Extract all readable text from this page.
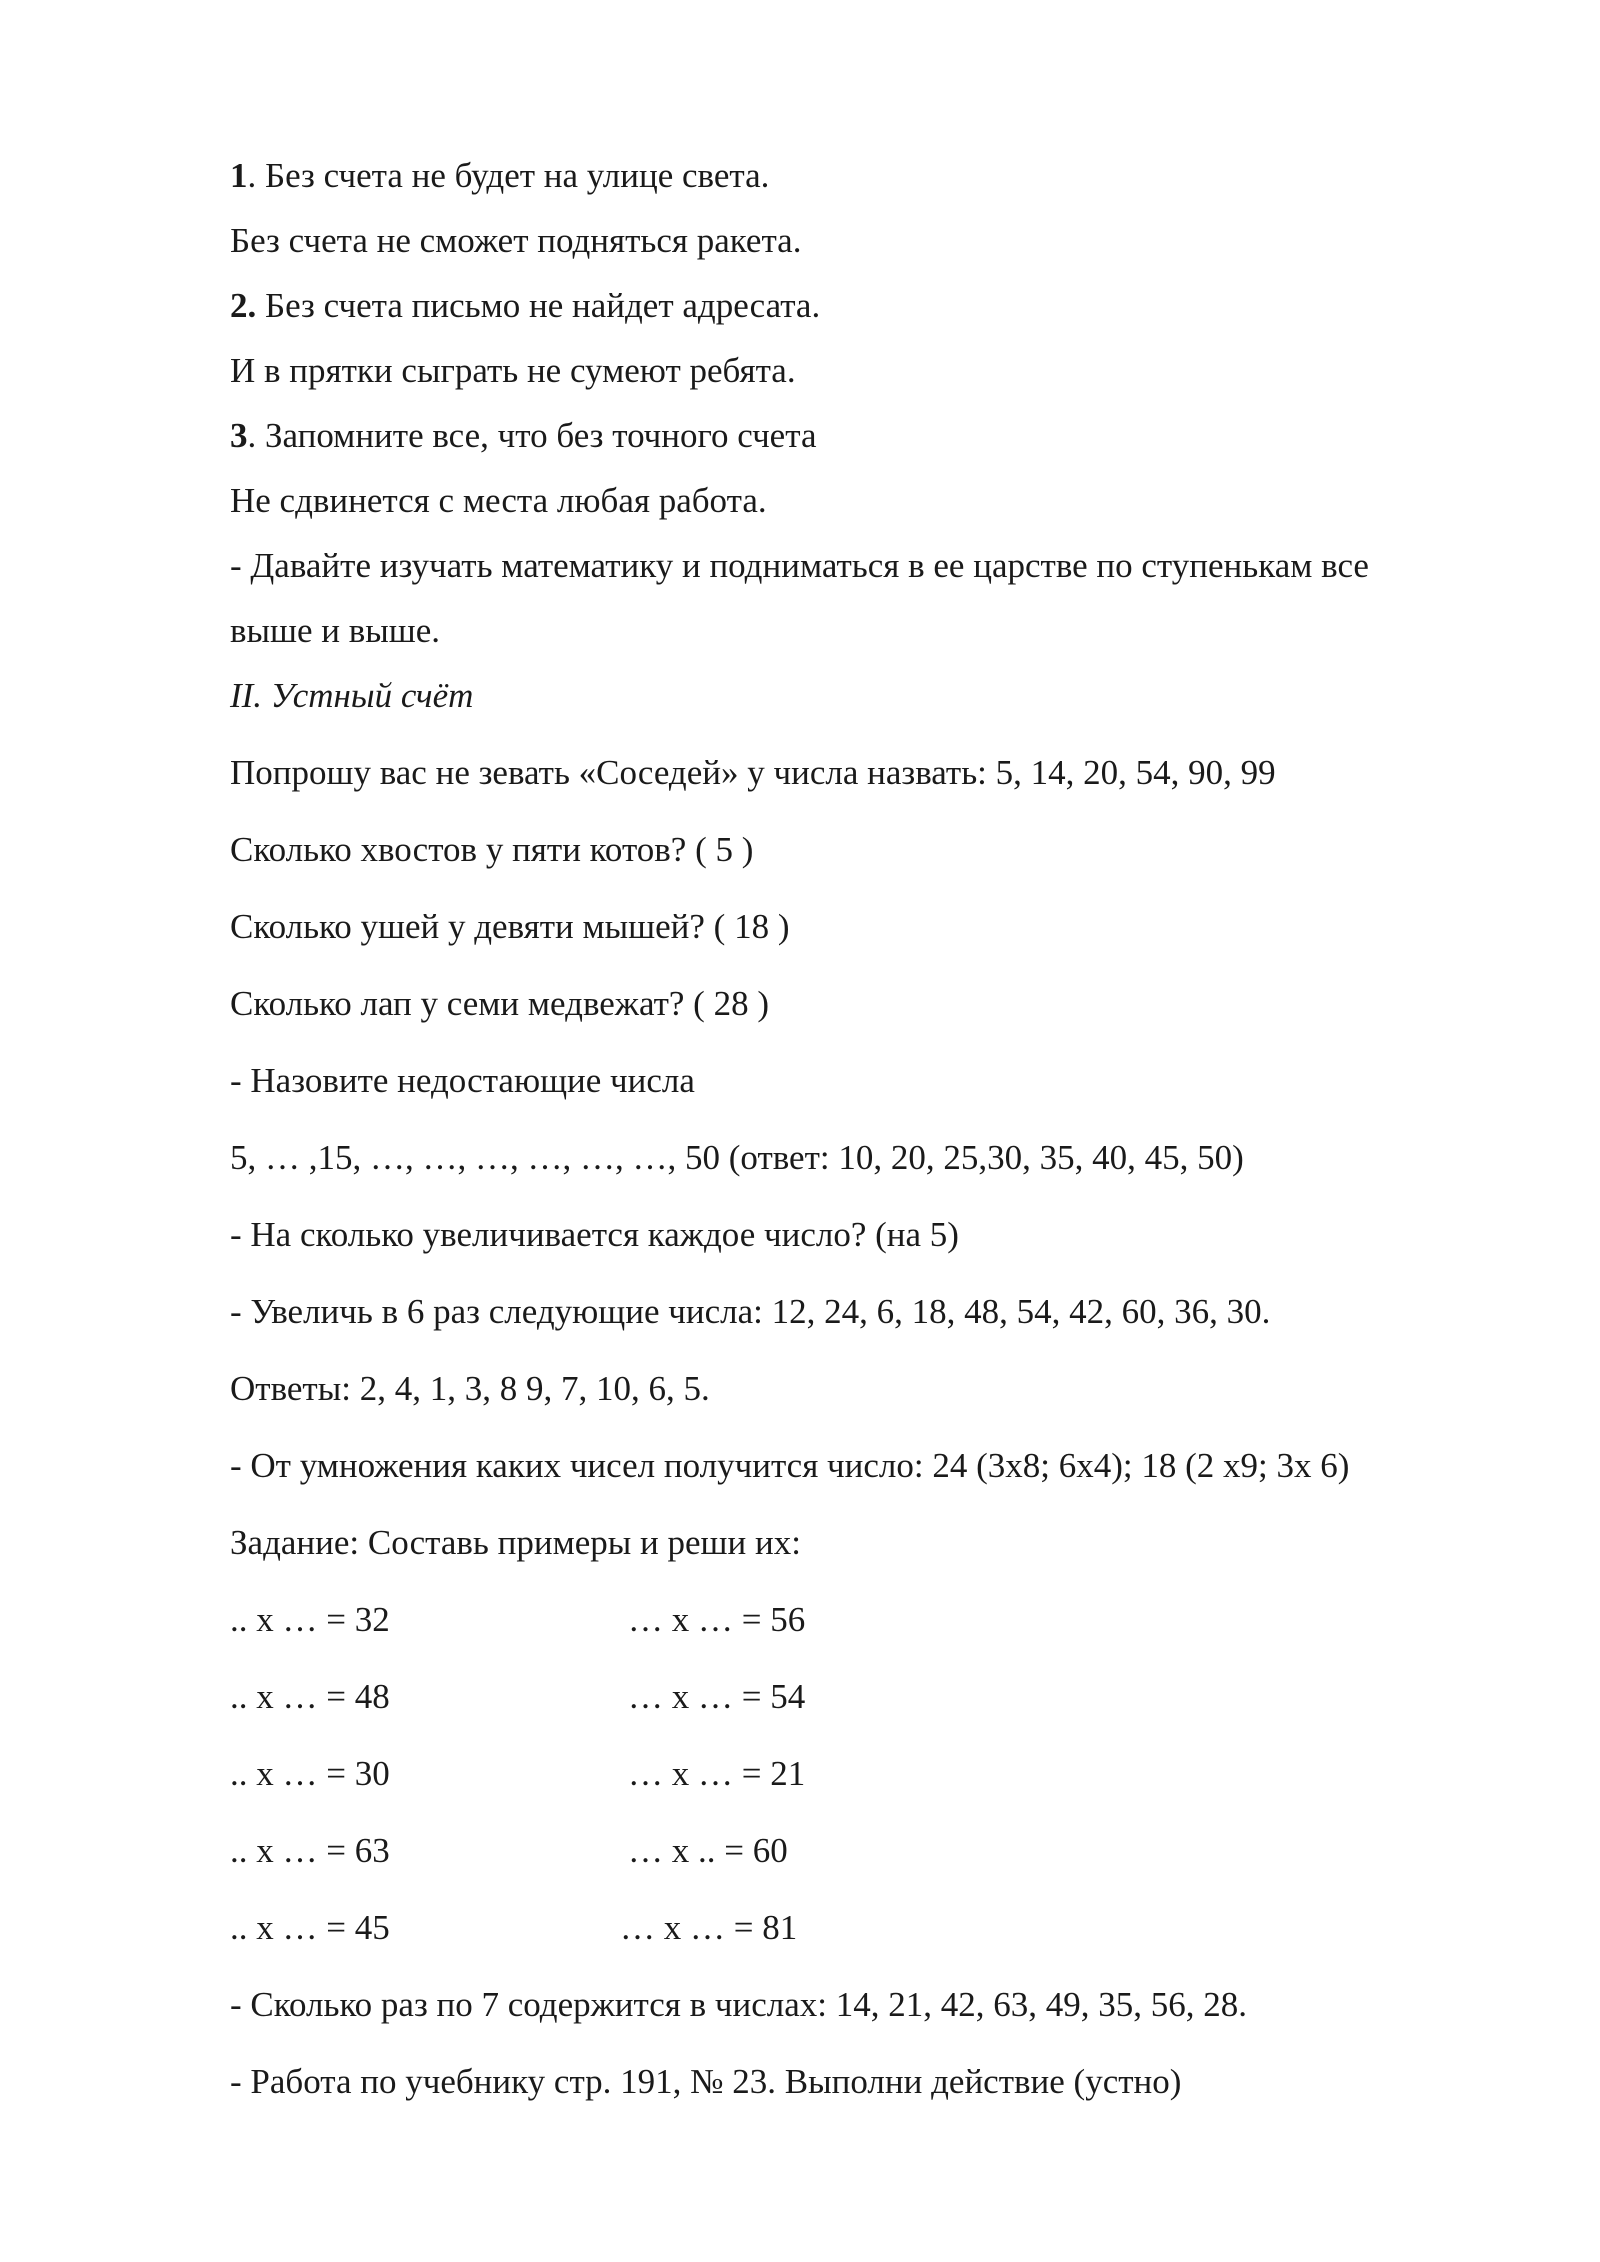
1. Без счета не будет на улице света.
Без счета не сможет подняться ракета.
2. Без счета письмо не найдет адресата.
И в прятки сыграть не сумеют ребята.
3. Запомните все, что без точного счета
Не сдвинется с места любая работа.
- Давайте изучать математику и подниматься в ее царстве по ступенькам все
выше и выше.
II. Устный счёт
Попрошу вас не зевать «Соседей» у числа назвать: 5, 14, 20, 54, 90, 99
Сколько хвостов у пяти котов? ( 5 )
Сколько ушей у девяти мышей? ( 18 )
Сколько лап у семи медвежат? ( 28 )
- Назовите недостающие числа
5, … ,15, …, …, …, …, …, …, 50 (ответ: 10, 20, 25,30, 35, 40, 45, 50)
- На сколько увеличивается каждое число? (на 5)
- Увеличь в 6 раз следующие числа: 12, 24, 6, 18, 48, 54, 42, 60, 36, 30.
Ответы: 2, 4, 1, 3, 8 9, 7, 10, 6, 5.
- От умножения каких чисел получится число: 24 (3х8; 6х4); 18 (2 х9; 3х 6)
Задание: Составь примеры и реши их:
.. х … = 32	… х … = 56
.. х … = 48	… х … = 54
.. х … = 30	… х … = 21
.. х … = 63	… х .. = 60
.. х … = 45	… х … = 81
- Сколько раз по 7 содержится в числах: 14, 21, 42, 63, 49, 35, 56, 28.
- Работа по учебнику стр. 191, № 23. Выполни действие (устно)
